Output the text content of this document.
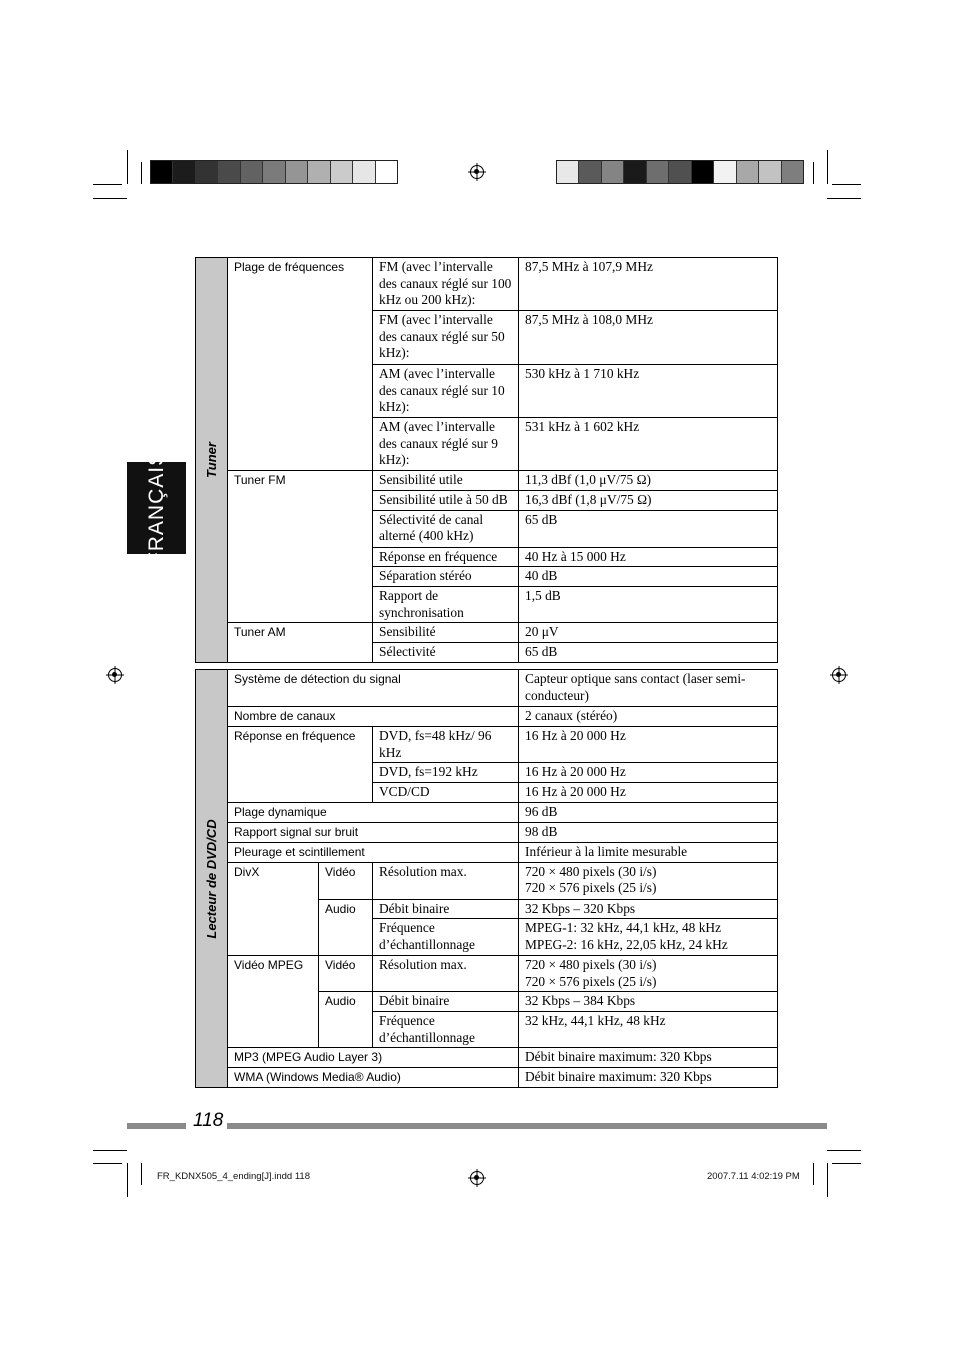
FRANÇAIS	Tuner	Plage de fréquences	FM (avec l’intervalle des canaux réglé sur 100 kHz ou 200 kHz):	87,5 MHz à 107,9 MHz
		FM (avec l’intervalle des canaux réglé sur 50 kHz):	87,5 MHz à 108,0 MHz
		AM (avec l’intervalle des canaux réglé sur 10 kHz):	530 kHz à 1 710 kHz
		AM (avec l’intervalle des canaux réglé sur 9 kHz):	531 kHz à 1 602 kHz
	Tuner FM	Sensibilité utile	11,3 dBf (1,0 μV/75 Ω)
		Sensibilité utile à 50 dB	16,3 dBf (1,8 μV/75 Ω)
		Sélectivité de canal alterné (400 kHz)	65 dB
		Réponse en fréquence	40 Hz à 15 000 Hz
		Séparation stéréo	40 dB
		Rapport de synchronisation	1,5 dB
	Tuner AM	Sensibilité	20 μV
		Sélectivité	65 dB
Lecteur de DVD/CD	Système de détection du signal			Capteur optique sans contact (laser semi-conducteur)
	Nombre de canaux			2 canaux (stéréo)
	Réponse en fréquence		DVD, fs=48 kHz/ 96 kHz	16 Hz à 20 000 Hz
			DVD, fs=192 kHz	16 Hz à 20 000 Hz
			VCD/CD	16 Hz à 20 000 Hz
	Plage dynamique			96 dB
	Rapport signal sur bruit			98 dB
	Pleurage et scintillement			Inférieur à la limite mesurable
	DivX	Vidéo	Résolution max.	720 × 480 pixels (30 i/s)
720 × 576 pixels (25 i/s)
		Audio	Débit binaire	32 Kbps – 320 Kbps
			Fréquence d’échantillonnage	MPEG-1: 32 kHz, 44,1 kHz, 48 kHz
MPEG-2: 16 kHz, 22,05 kHz, 24 kHz
	Vidéo MPEG	Vidéo	Résolution max.	720 × 480 pixels (30 i/s)
720 × 576 pixels (25 i/s)
		Audio	Débit binaire	32 Kbps – 384 Kbps
			Fréquence d’échantillonnage	32 kHz, 44,1 kHz, 48 kHz
	MP3 (MPEG Audio Layer 3)			Débit binaire maximum: 320 Kbps
	WMA (Windows Media® Audio)			Débit binaire maximum: 320 Kbps
118
FR_KDNX505_4_ending[J].indd 118	2007.7.11 4:02:19 PM
